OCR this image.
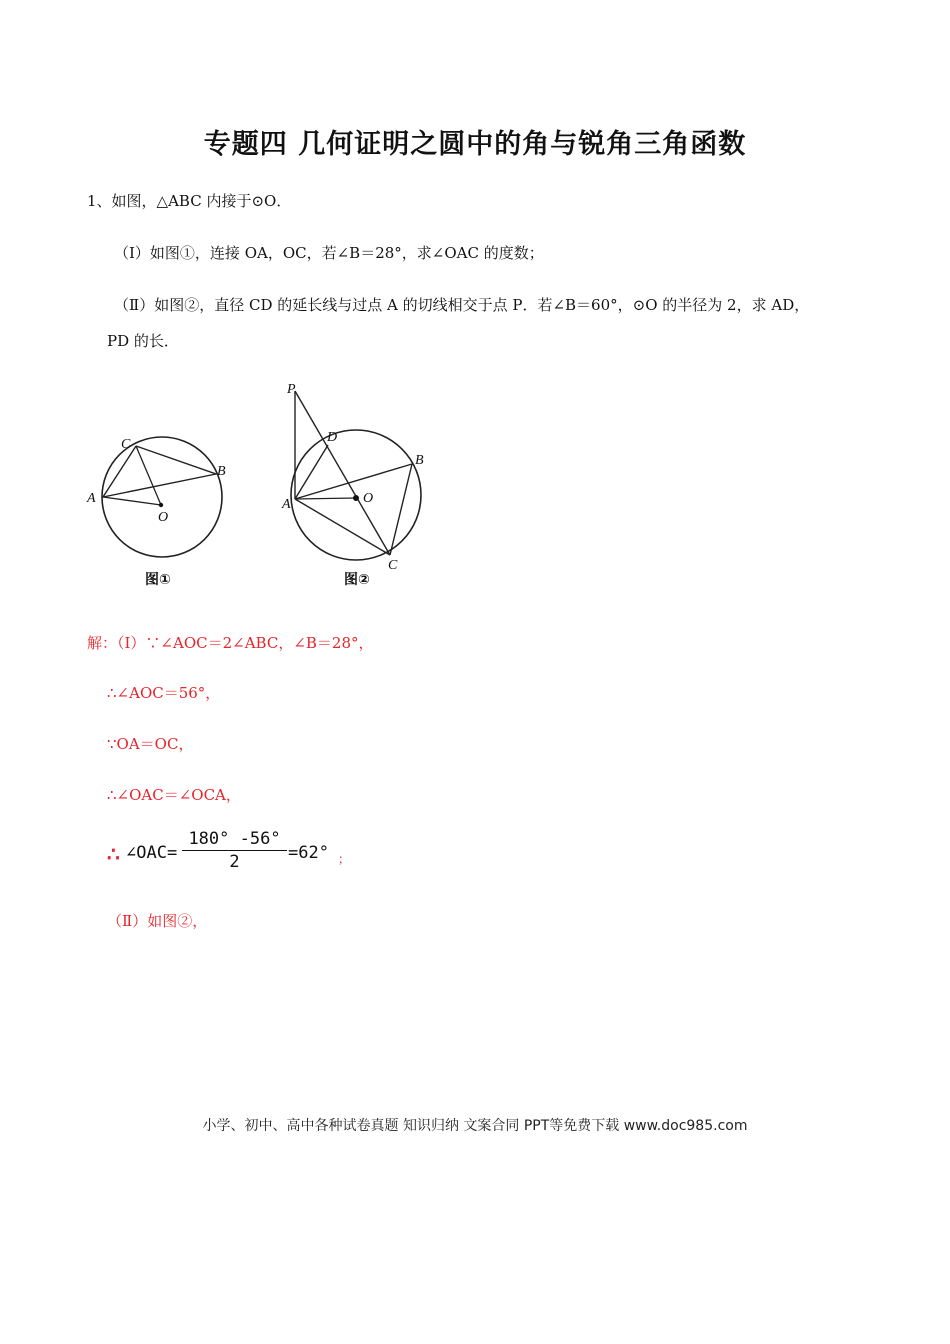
专题四 几何证明之圆中的角与锐角三角函数
1、如图，△ABC 内接于⊙O．
（Ⅰ）如图①，连接 OA，OC，若∠B＝28°，求∠OAC 的度数；
（Ⅱ）如图②，直径 CD 的延长线与过点 A 的切线相交于点 P．若∠B＝60°，⊙O 的半径为 2，求 AD，
PD 的长．
C
B
A
O
图①
P
D
B
A	O
C
图②
解：（Ⅰ）∵∠AOC＝2∠ABC，∠B＝28°，
∴∠AOC＝56°，
∵OA＝OC，
∴∠OAC＝∠OCA，
∴ ∠OAC=
180° -56°
2	=62° ；
（Ⅱ）如图②，
小学、初中、高中各种试卷真题 知识归纳 文案合同 PPT等免费下载 www.doc985.com
